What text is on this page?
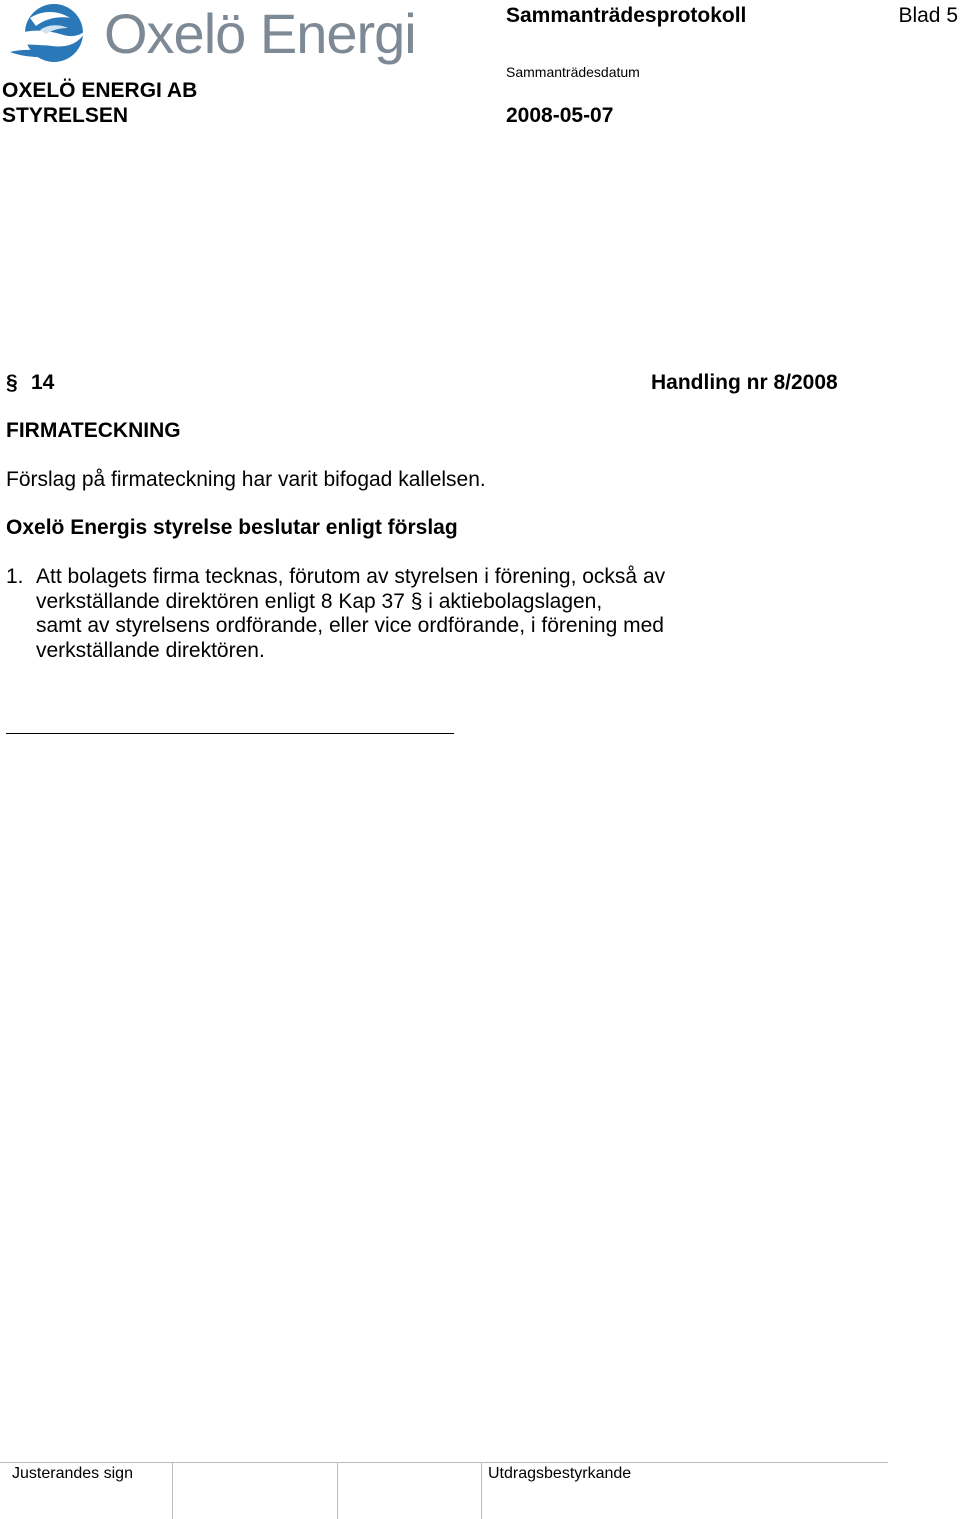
Oxelö Energi	Sammanträdesprotokoll	Blad 5
OXELÖ ENERGI AB
STYRELSEN
Sammanträdesdatum
2008-05-07
§ 14	Handling nr 8/2008
FIRMATECKNING
Förslag på firmateckning har varit bifogad kallelsen.
Oxelö Energis styrelse beslutar enligt förslag
1. Att bolagets firma tecknas, förutom av styrelsen i förening, också av
verkställande direktören enligt 8 Kap 37 § i aktiebolagslagen,
samt av styrelsens ordförande, eller vice ordförande, i förening med
verkställande direktören.
Justerandes sign	Utdragsbestyrkande
